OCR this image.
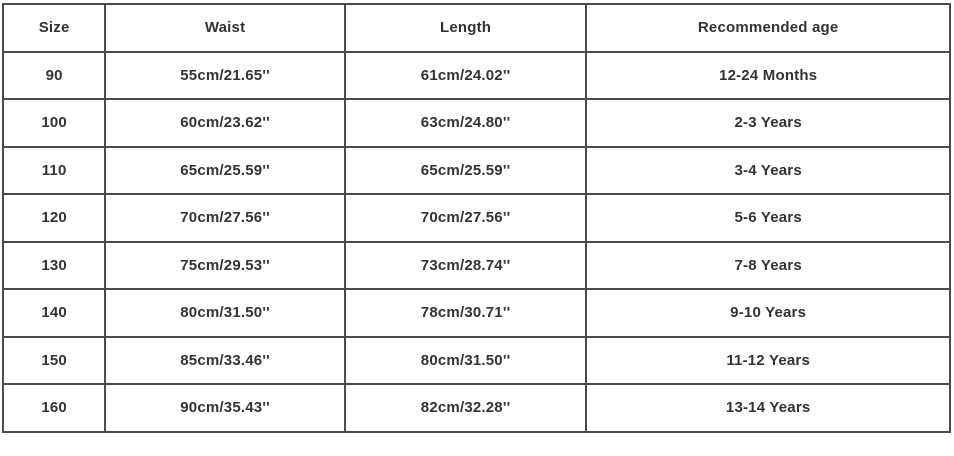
Size	Waist	Length	Recommended age
90	55cm/21.65''	61cm/24.02''	12-24 Months
100	60cm/23.62''	63cm/24.80''	2-3 Years
110	65cm/25.59''	65cm/25.59''	3-4 Years
120	70cm/27.56''	70cm/27.56''	5-6 Years
130	75cm/29.53''	73cm/28.74''	7-8 Years
140	80cm/31.50''	78cm/30.71''	9-10 Years
150	85cm/33.46''	80cm/31.50''	11-12 Years
160	90cm/35.43''	82cm/32.28''	13-14 Years
